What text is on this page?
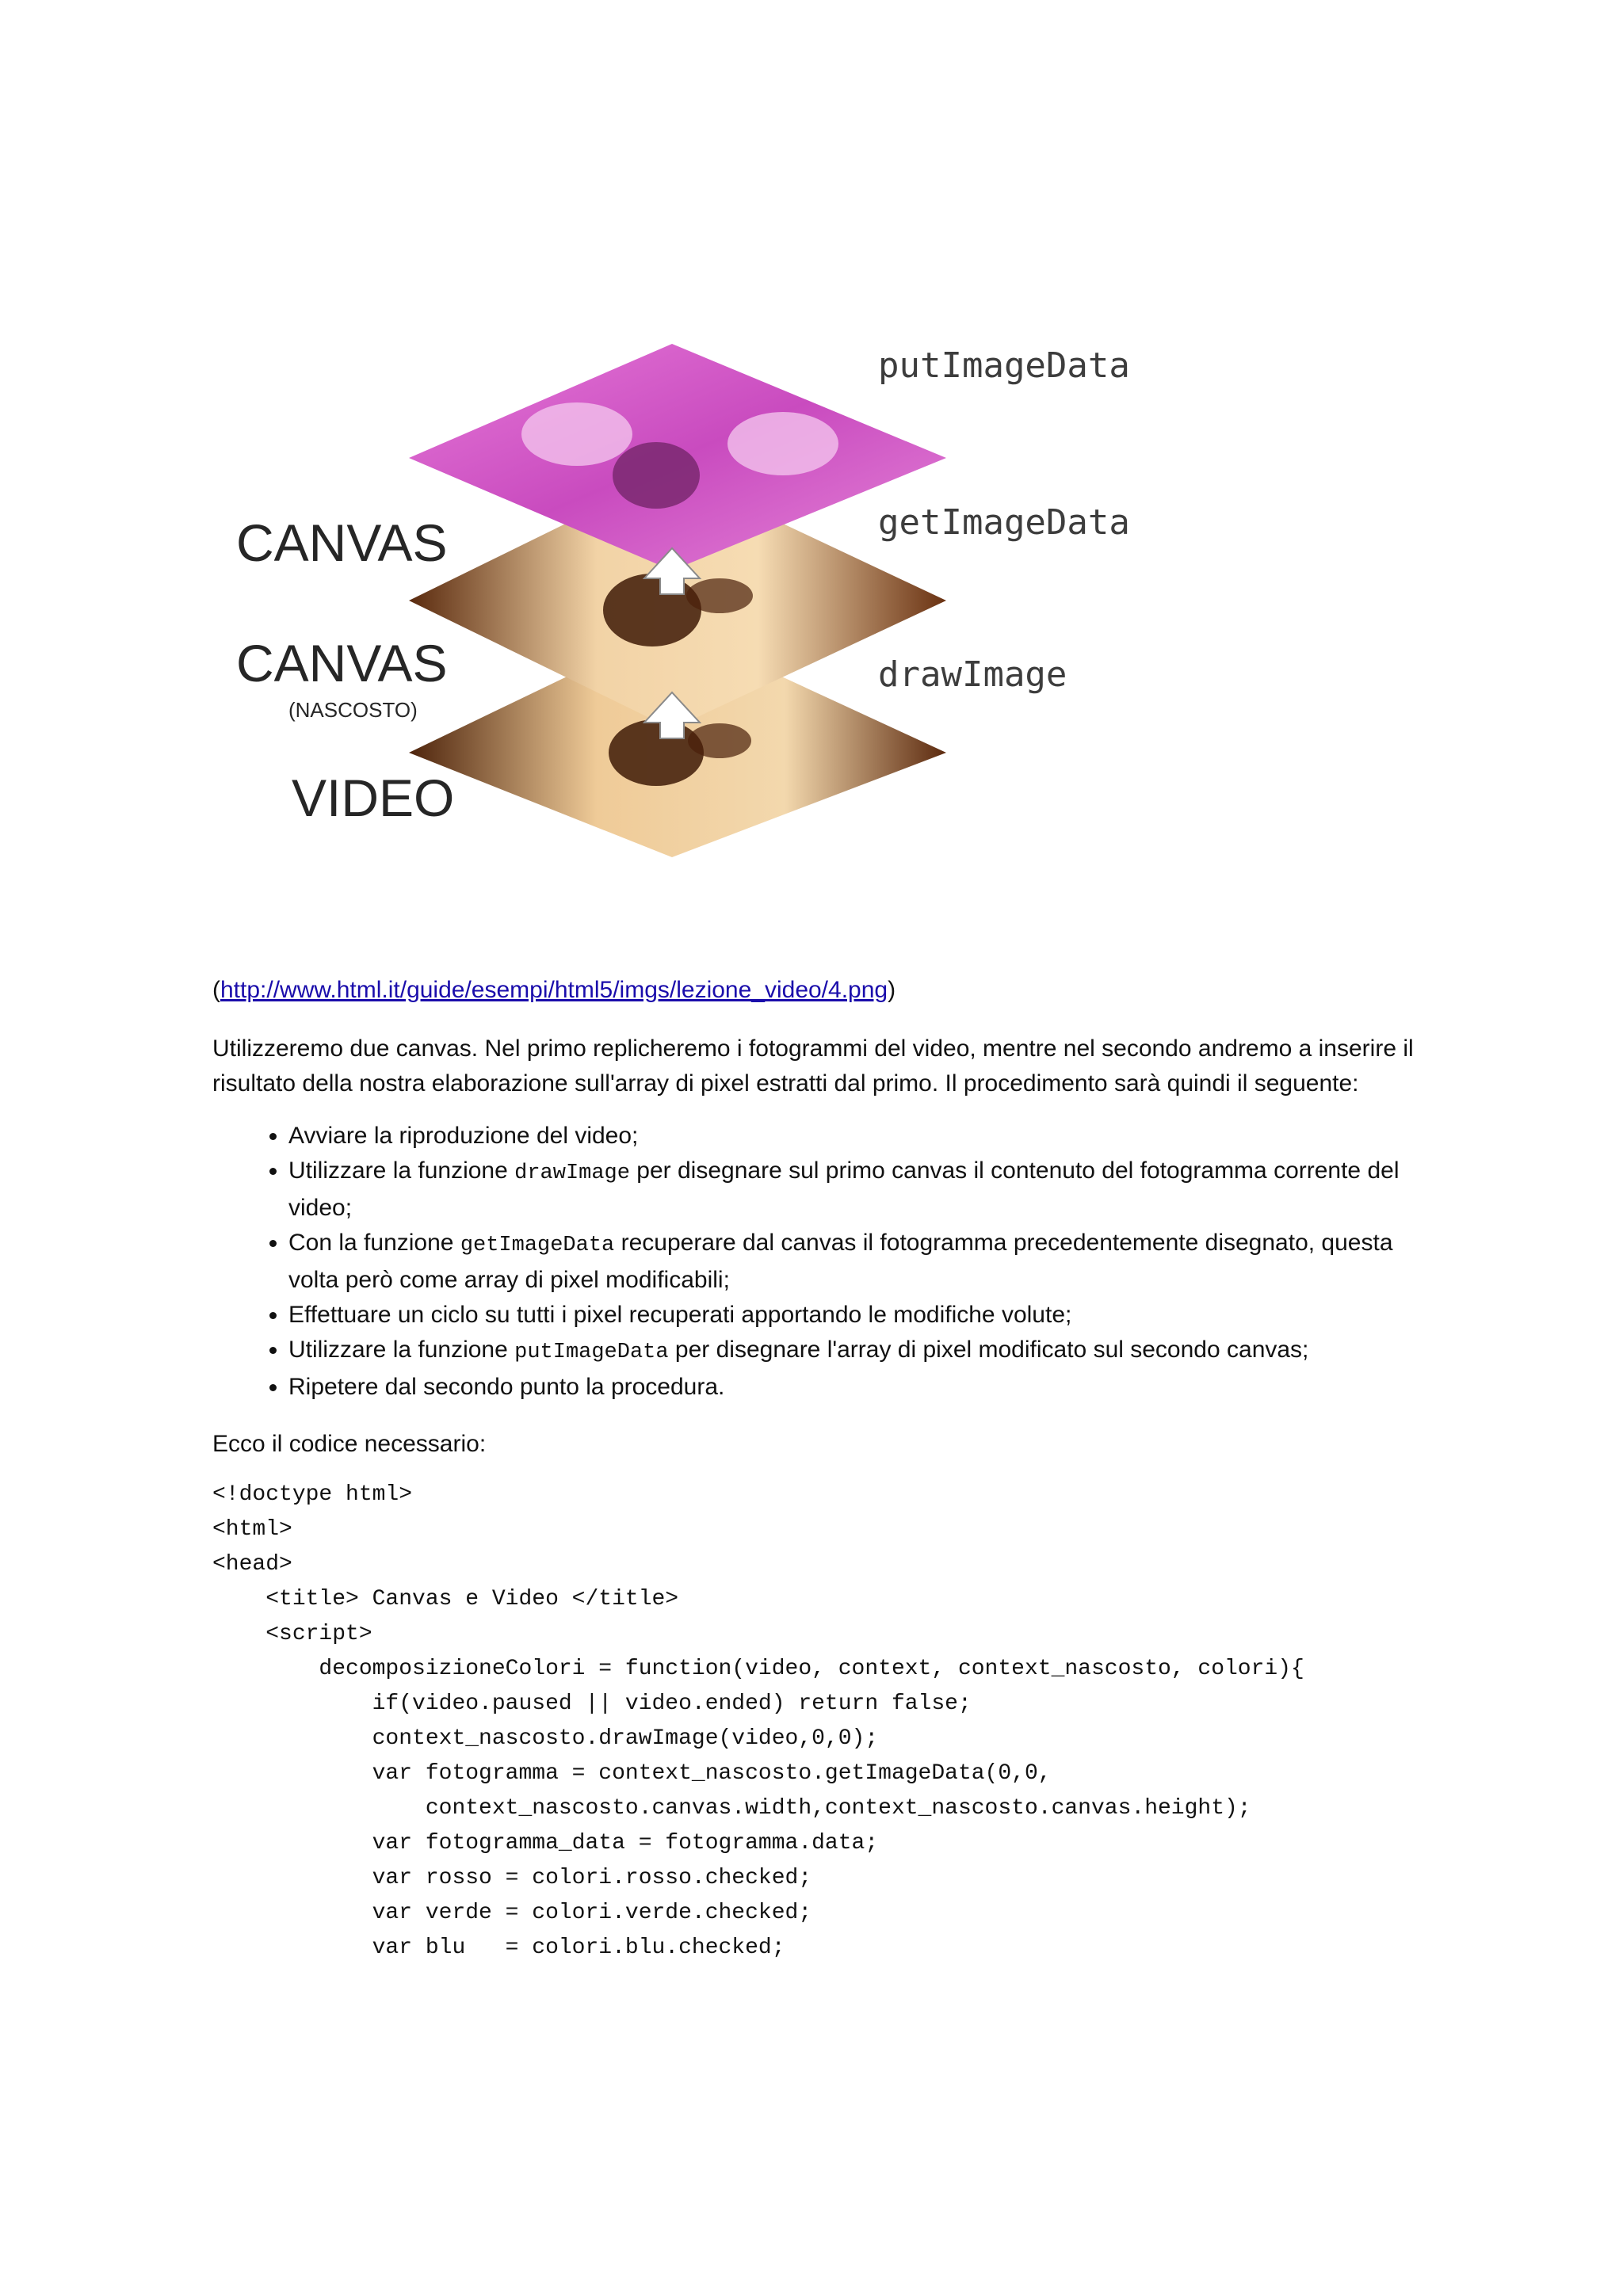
CANVAS
CANVAS
(NASCOSTO)
VIDEO
putImageData
getImageData
drawImage

(http://www.html.it/guide/esempi/html5/imgs/lezione_video/4.png)

Utilizzeremo due canvas. Nel primo replicheremo i fotogrammi del video, mentre nel secondo andremo a inserire il risultato della nostra elaborazione sull'array di pixel estratti dal primo. Il procedimento sarà quindi il seguente:

• Avviare la riproduzione del video;
• Utilizzare la funzione drawImage per disegnare sul primo canvas il contenuto del fotogramma corrente del video;
• Con la funzione getImageData recuperare dal canvas il fotogramma precedentemente disegnato, questa volta però come array di pixel modificabili;
• Effettuare un ciclo su tutti i pixel recuperati apportando le modifiche volute;
• Utilizzare la funzione putImageData per disegnare l'array di pixel modificato sul secondo canvas;
• Ripetere dal secondo punto la procedura.

Ecco il codice necessario:

<!doctype html>
<html>
<head>
<title> Canvas e Video </title>
<script>
decomposizioneColori = function(video, context, context_nascosto, colori){
if(video.paused || video.ended) return false;
context_nascosto.drawImage(video,0,0);
var fotogramma = context_nascosto.getImageData(0,0,
context_nascosto.canvas.width,context_nascosto.canvas.height);
var fotogramma_data = fotogramma.data;
var rosso = colori.rosso.checked;
var verde = colori.verde.checked;
var blu   = colori.blu.checked;
